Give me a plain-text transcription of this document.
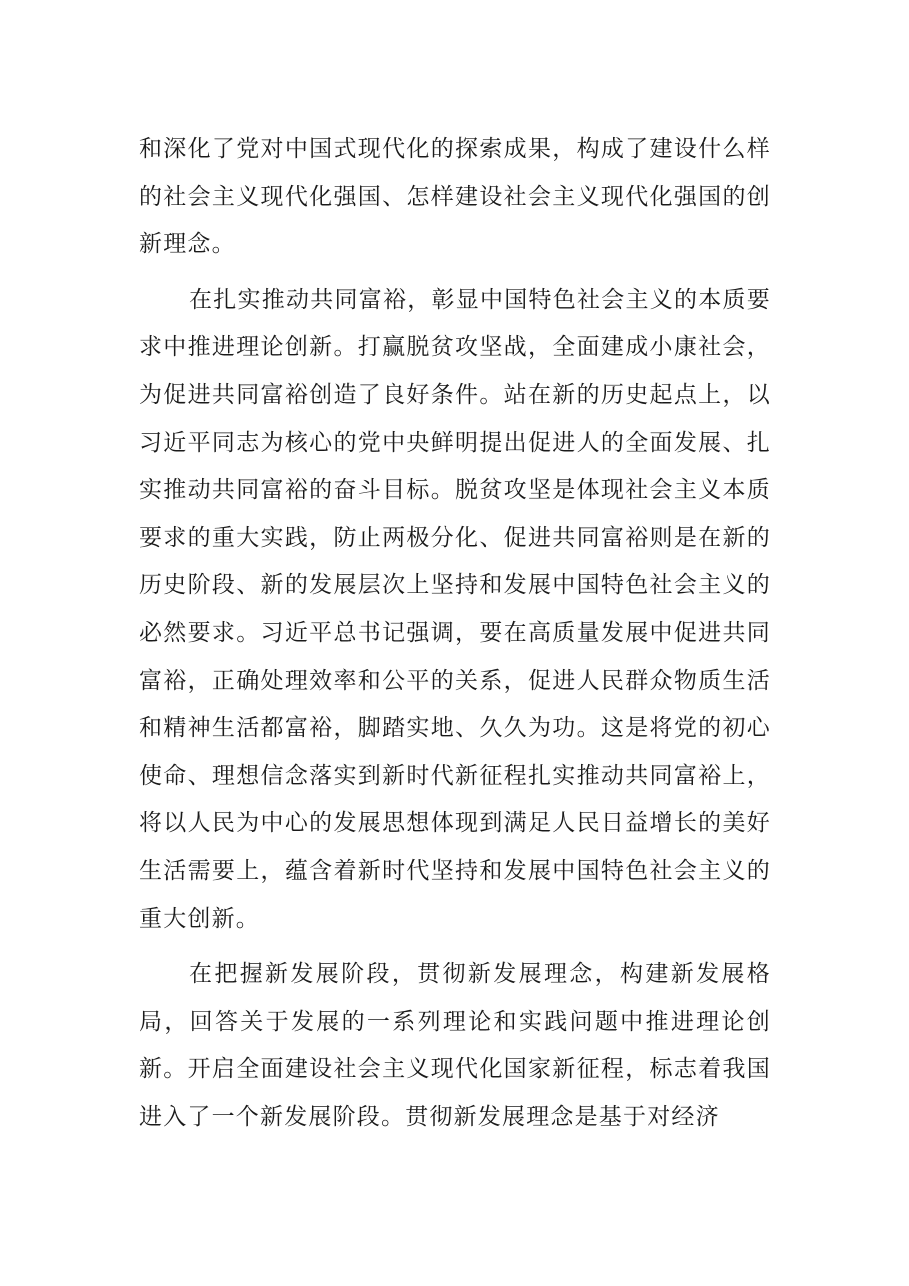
和深化了党对中国式现代化的探索成果，构成了建设什么样的社会主义现代化强国、怎样建设社会主义现代化强国的创新理念。

在扎实推动共同富裕，彰显中国特色社会主义的本质要求中推进理论创新。打赢脱贫攻坚战，全面建成小康社会，为促进共同富裕创造了良好条件。站在新的历史起点上，以习近平同志为核心的党中央鲜明提出促进人的全面发展、扎实推动共同富裕的奋斗目标。脱贫攻坚是体现社会主义本质要求的重大实践，防止两极分化、促进共同富裕则是在新的历史阶段、新的发展层次上坚持和发展中国特色社会主义的必然要求。习近平总书记强调，要在高质量发展中促进共同富裕，正确处理效率和公平的关系，促进人民群众物质生活和精神生活都富裕，脚踏实地、久久为功。这是将党的初心使命、理想信念落实到新时代新征程扎实推动共同富裕上，将以人民为中心的发展思想体现到满足人民日益增长的美好生活需要上，蕴含着新时代坚持和发展中国特色社会主义的重大创新。

在把握新发展阶段，贯彻新发展理念，构建新发展格局，回答关于发展的一系列理论和实践问题中推进理论创新。开启全面建设社会主义现代化国家新征程，标志着我国进入了一个新发展阶段。贯彻新发展理念是基于对经济
